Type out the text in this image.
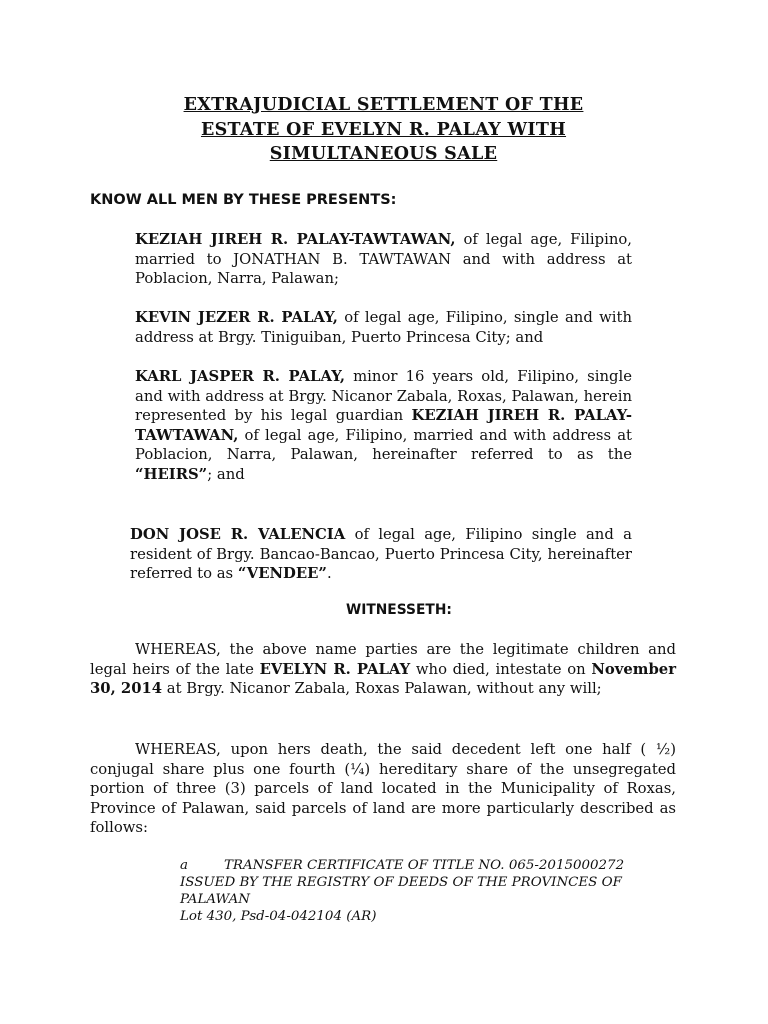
EXTRAJUDICIAL SETTLEMENT OF THE
ESTATE OF EVELYN R. PALAY WITH
SIMULTANEOUS SALE
KNOW ALL MEN BY THESE PRESENTS:
KEZIAH JIREH R. PALAY-TAWTAWAN, of legal age, Filipino, married to JONATHAN B. TAWTAWAN and with address at Poblacion, Narra, Palawan;
KEVIN JEZER R. PALAY, of legal age, Filipino, single and with address at Brgy. Tiniguiban, Puerto Princesa City; and
KARL JASPER R. PALAY, minor 16 years old, Filipino, single and with address at Brgy. Nicanor Zabala, Roxas, Palawan, herein represented by his legal guardian KEZIAH JIREH R. PALAY-TAWTAWAN, of legal age, Filipino, married and with address at Poblacion, Narra, Palawan, hereinafter referred to as the “HEIRS”; and
DON JOSE R. VALENCIA of legal age, Filipino single and a resident of Brgy. Bancao-Bancao, Puerto Princesa City, hereinafter referred to as “VENDEE”.
WITNESSETH:
WHEREAS, the above name parties are the legitimate children and legal heirs of the late EVELYN R. PALAY who died, intestate on November 30, 2014 at Brgy. Nicanor Zabala, Roxas Palawan, without any will;
WHEREAS, upon hers death, the said decedent left one half ( ½) conjugal share plus one fourth (¼) hereditary share of the unsegregated portion of three (3) parcels of land located in the Municipality of Roxas, Province of Palawan, said parcels of land are more particularly described as follows:
a	TRANSFER CERTIFICATE OF TITLE NO. 065-2015000272
ISSUED BY THE REGISTRY OF DEEDS OF THE PROVINCES OF PALAWAN
Lot 430, Psd-04-042104 (AR)
